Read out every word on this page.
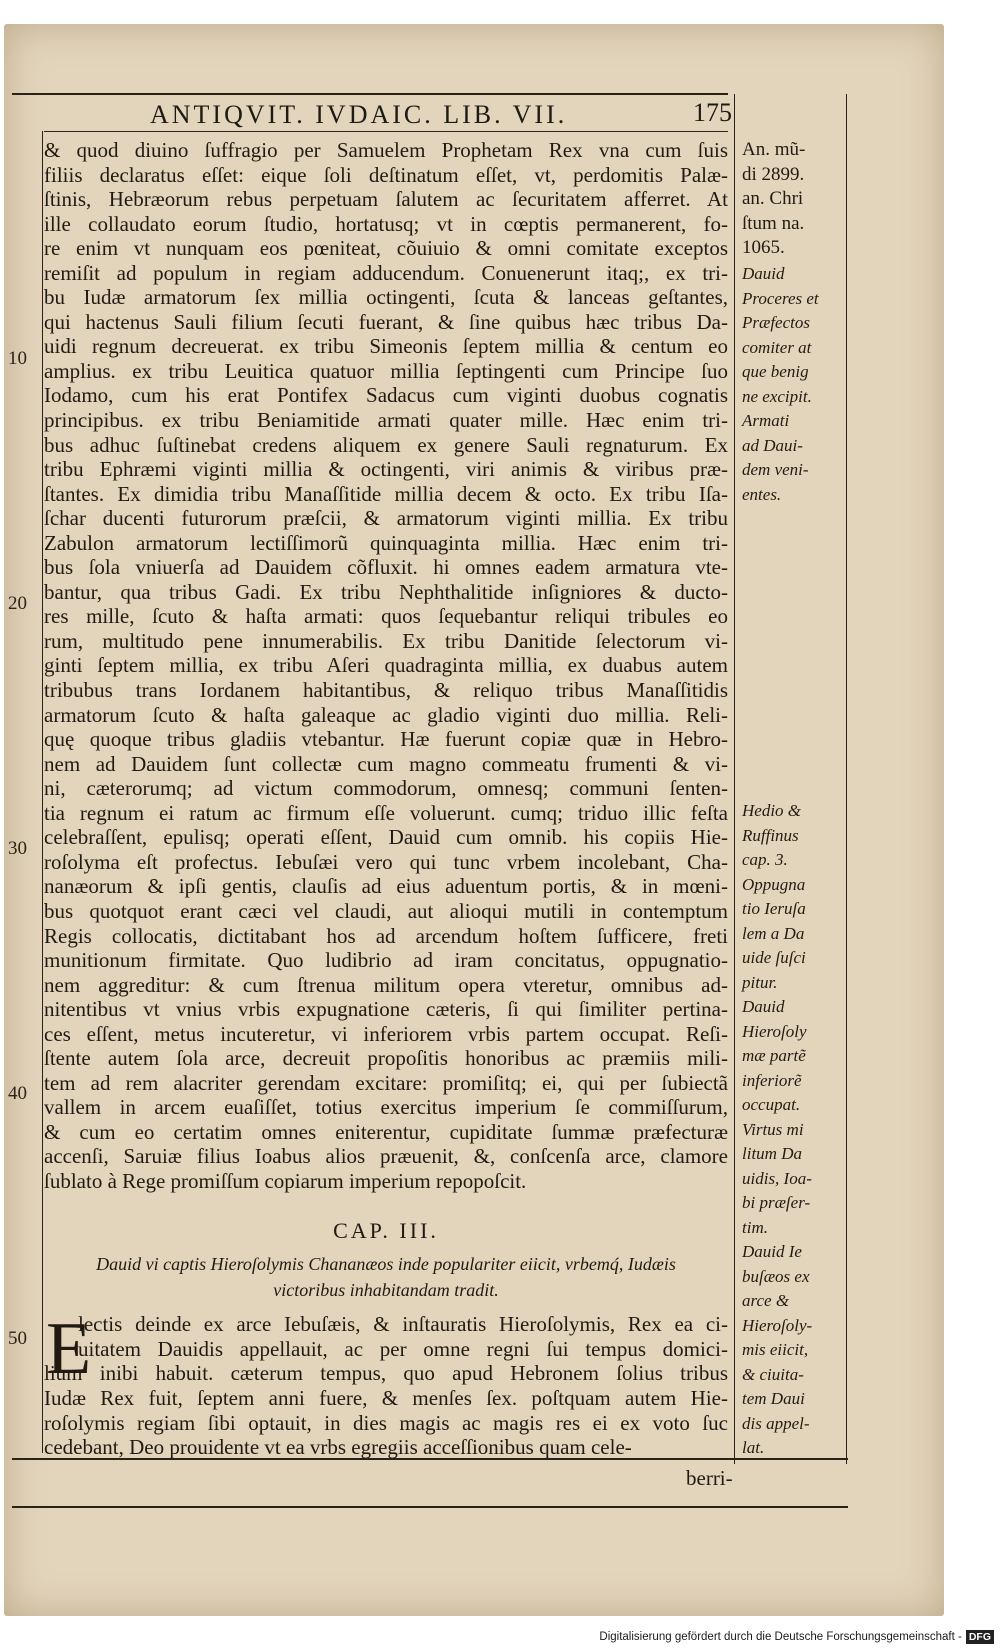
ANTIQVIT. IVDAIC. LIB. VII.	175
& quod diuino ſuffragio per Samuelem Prophetam Rex vna cum ſuis
filiis declaratus eſſet: eique ſoli deſtinatum eſſet, vt, perdomitis Palæ-
ſtinis, Hebræorum rebus perpetuam ſalutem ac ſecuritatem afferret. At
ille collaudato eorum ſtudio, hortatusq; vt in cœptis permanerent, fo-
re enim vt nunquam eos pœniteat, cõuiuio & omni comitate exceptos
remiſit ad populum in regiam adducendum. Conuenerunt itaq;, ex tri-
bu Iudæ armatorum ſex millia octingenti, ſcuta & lanceas geſtantes,
qui hactenus Sauli filium ſecuti fuerant, & ſine quibus hæc tribus Da-
uidi regnum decreuerat. ex tribu Simeonis ſeptem millia & centum eo
amplius. ex tribu Leuitica quatuor millia ſeptingenti cum Principe ſuo
Iodamo, cum his erat Pontifex Sadacus cum viginti duobus cognatis
principibus. ex tribu Beniamitide armati quater mille. Hæc enim tri-
bus adhuc ſuſtinebat credens aliquem ex genere Sauli regnaturum. Ex
tribu Ephræmi viginti millia & octingenti, viri animis & viribus præ-
ſtantes. Ex dimidia tribu Manaſſitide millia decem & octo. Ex tribu Iſa-
ſchar ducenti futurorum præſcii, & armatorum viginti millia. Ex tribu
Zabulon armatorum lectiſſimorũ quinquaginta millia. Hæc enim tri-
bus ſola vniuerſa ad Dauidem cõfluxit. hi omnes eadem armatura vte-
bantur, qua tribus Gadi. Ex tribu Nephthalitide inſigniores & ducto-
res mille, ſcuto & haſta armati: quos ſequebantur reliqui tribules eo
rum, multitudo pene innumerabilis. Ex tribu Danitide ſelectorum vi-
ginti ſeptem millia, ex tribu Aſeri quadraginta millia, ex duabus autem
tribubus trans Iordanem habitantibus, & reliquo tribus Manaſſitidis
armatorum ſcuto & haſta galeaque ac gladio viginti duo millia. Reli-
quę quoque tribus gladiis vtebantur. Hæ fuerunt copiæ quæ in Hebro-
nem ad Dauidem ſunt collectæ cum magno commeatu frumenti & vi-
ni, cæterorumq; ad victum commodorum, omnesq; communi ſenten-
tia regnum ei ratum ac firmum eſſe voluerunt. cumq; triduo illic feſta
celebraſſent, epulisq; operati eſſent, Dauid cum omnib. his copiis Hie-
roſolyma eſt profectus. Iebuſæi vero qui tunc vrbem incolebant, Cha-
nanæorum & ipſi gentis, clauſis ad eius aduentum portis, & in mœni-
bus quotquot erant cæci vel claudi, aut alioqui mutili in contemptum
Regis collocatis, dictitabant hos ad arcendum hoſtem ſufficere, freti
munitionum firmitate. Quo ludibrio ad iram concitatus, oppugnatio-
nem aggreditur: & cum ſtrenua militum opera vteretur, omnibus ad-
nitentibus vt vnius vrbis expugnatione cæteris, ſi qui ſimiliter pertina-
ces eſſent, metus incuteretur, vi inferiorem vrbis partem occupat. Reſi-
ſtente autem ſola arce, decreuit propoſitis honoribus ac præmiis mili-
tem ad rem alacriter gerendam excitare: promiſitq; ei, qui per ſubiectã
vallem in arcem euaſiſſet, totius exercitus imperium ſe commiſſurum,
& cum eo certatim omnes eniterentur, cupiditate ſummæ præfecturæ
accenſi, Saruiæ filius Ioabus alios præuenit, &, conſcenſa arce, clamore
ſublato à Rege promiſſum copiarum imperium repopoſcit.
CAP. III.
Dauid vi captis Hieroſolymis Chananæos inde populariter eiicit, vrbemq́, Iudæis victoribus inhabitandam tradit.
E
lectis deinde ex arce Iebuſæis, & inſtauratis Hieroſolymis, Rex ea ci-
uitatem Dauidis appellauit, ac per omne regni ſui tempus domici-
lium inibi habuit. cæterum tempus, quo apud Hebronem ſolius tribus
Iudæ Rex fuit, ſeptem anni fuere, & menſes ſex. poſtquam autem Hie-
roſolymis regiam ſibi optauit, in dies magis ac magis res ei ex voto ſuc
cedebant, Deo prouidente vt ea vrbs egregiis acceſſionibus quam cele-
berri-
An. mũ-
di 2899.
an. Chri
ſtum na.
1065.
Dauid
Proceres et
Præfectos
comiter at
que benig
ne excipit.
Armati
ad Daui-
dem veni-
entes.
Hedio &
Ruffinus
cap. 3.
Oppugna
tio Ieruſa
lem a Da
uide ſuſci
pitur.
Dauid
Hieroſoly
mæ partẽ
inferiorẽ
occupat.
Virtus mi
litum Da
uidis, Ioa-
bi præſer-
tim.
Dauid Ie
buſæos ex
arce &
Hieroſoly-
mis eiicit,
& ciuita-
tem Daui
dis appel-
lat.
10
20
30
40
50
Digitalisierung gefördert durch die Deutsche Forschungsgemeinschaft - DFG
